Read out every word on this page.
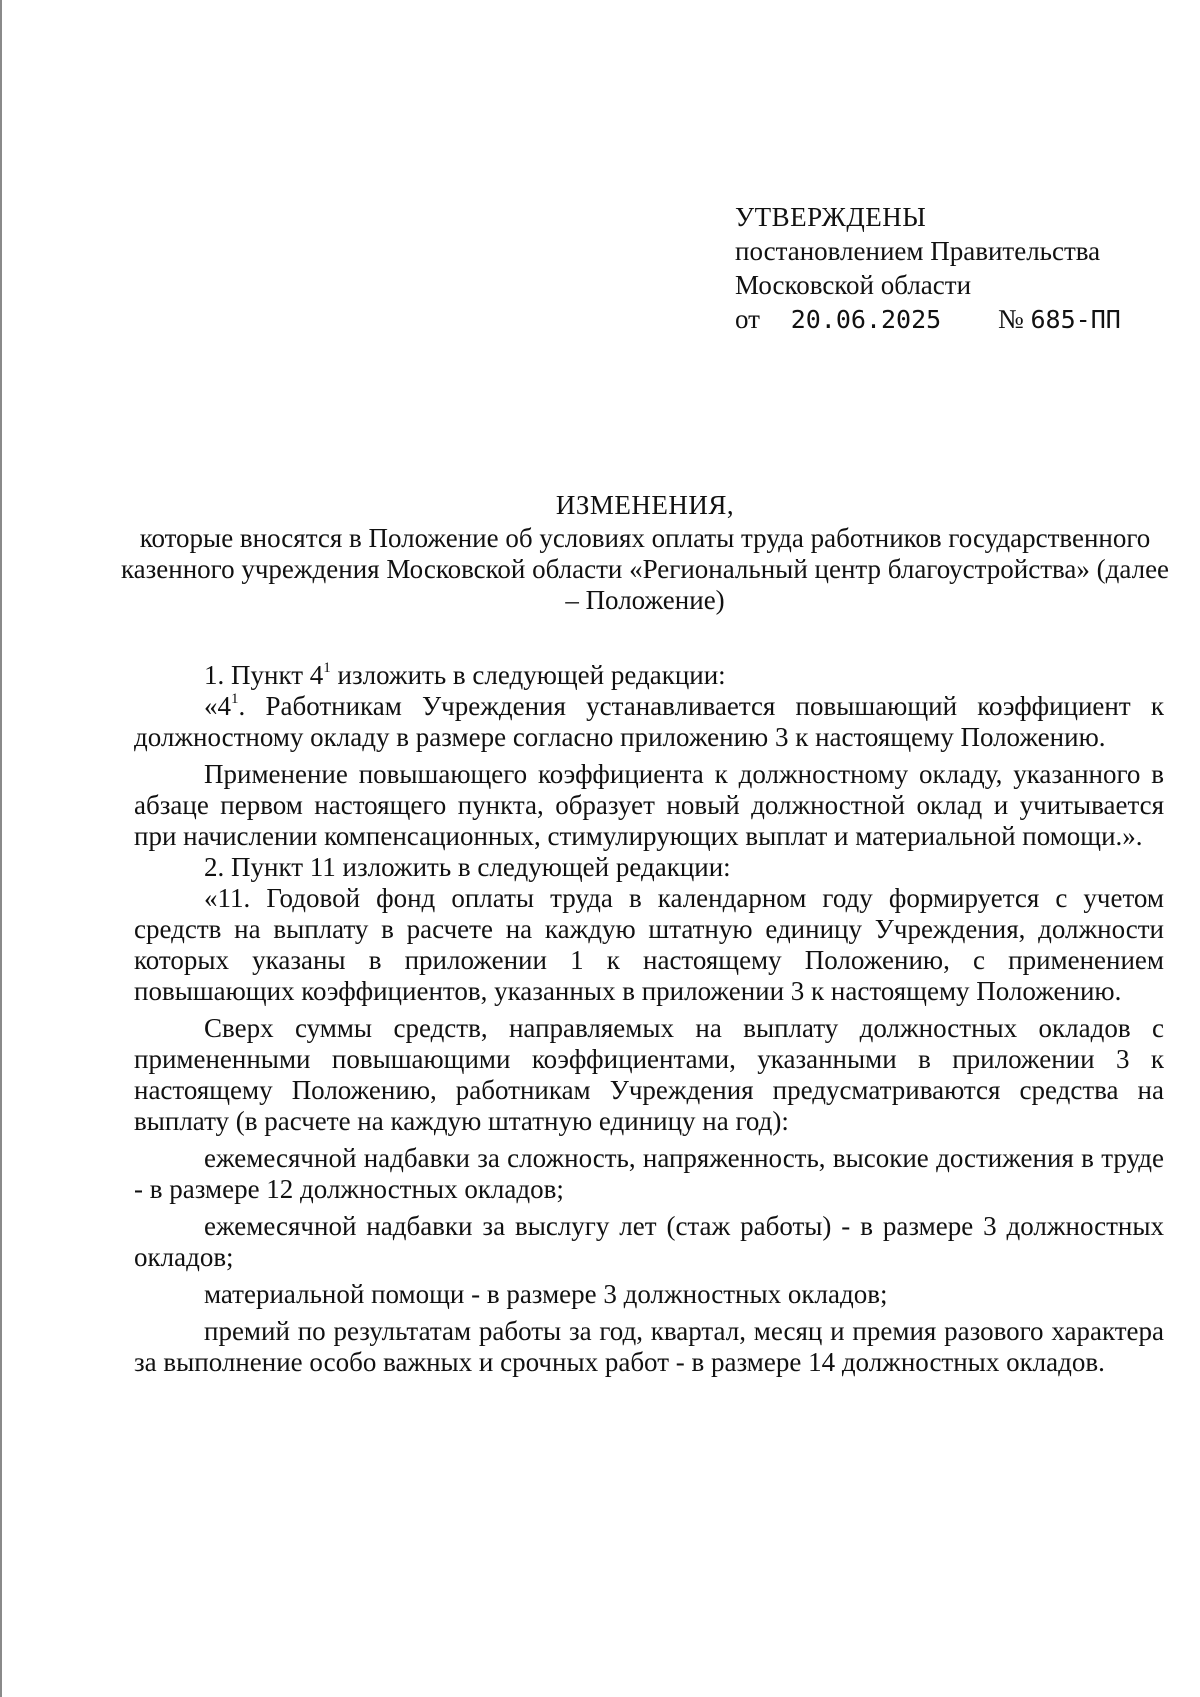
УТВЕРЖДЕНЫ
постановлением Правительства
Московской области
от 20.06.2025 № 685-ПП
ИЗМЕНЕНИЯ,
которые вносятся в Положение об условиях оплаты труда работников государственного казенного учреждения Московской области «Региональный центр благоустройства» (далее – Положение)

1. Пункт $4^1$ изложить в следующей редакции:

«$4^1$. Работникам Учреждения устанавливается повышающий коэффициент к должностному окладу в размере согласно приложению 3 к настоящему Положению.

Применение повышающего коэффициента к должностному окладу, указанного в абзаце первом настоящего пункта, образует новый должностной оклад и учитывается при начислении компенсационных, стимулирующих выплат и материальной помощи.».

2. Пункт 11 изложить в следующей редакции:

«11. Годовой фонд оплаты труда в календарном году формируется с учетом средств на выплату в расчете на каждую штатную единицу Учреждения, должности которых указаны в приложении 1 к настоящему Положению, с применением повышающих коэффициентов, указанных в приложении 3 к настоящему Положению.

Сверх суммы средств, направляемых на выплату должностных окладов с примененными повышающими коэффициентами, указанными в приложении 3 к настоящему Положению, работникам Учреждения предусматриваются средства на выплату (в расчете на каждую штатную единицу на год):

ежемесячной надбавки за сложность, напряженность, высокие достижения в труде - в размере 12 должностных окладов;

ежемесячной надбавки за выслугу лет (стаж работы) - в размере 3 должностных окладов;

материальной помощи - в размере 3 должностных окладов;

премий по результатам работы за год, квартал, месяц и премия разового характера за выполнение особо важных и срочных работ - в размере 14 должностных окладов.
